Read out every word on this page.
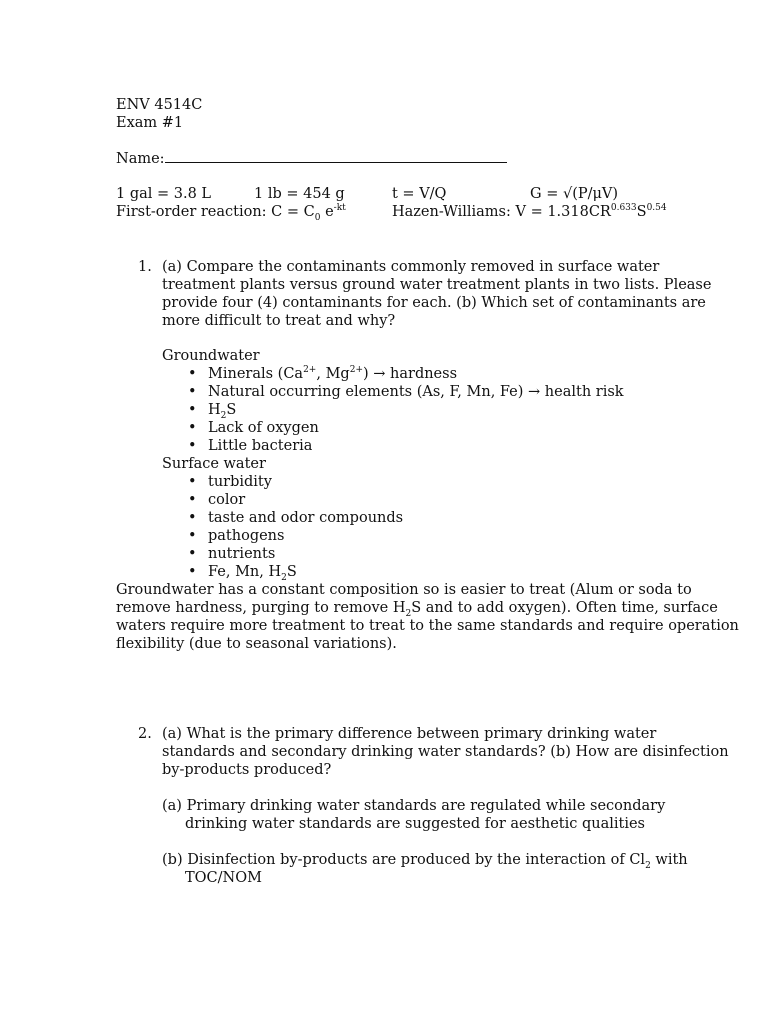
ENV 4514C
Exam #1
Name:
1 gal = 3.8 L	1 lb = 454 g	t = V/Q	G = √(P/μV)
First-order reaction: $C = C_0$ $e^{-kt}$	Hazen-Williams: $V = 1.318CR^{0.633}S^{0.54}$
1. (a) Compare the contaminants commonly removed in surface water
treatment plants versus ground water treatment plants in two lists. Please
provide four (4) contaminants for each. (b) Which set of contaminants are
more difficult to treat and why?
Groundwater
• Minerals ($Ca^{2+}$, $Mg^{2+}$) → hardness
• Natural occurring elements (As, F, Mn, Fe) → health risk
• $H_2S$
• Lack of oxygen
• Little bacteria
Surface water
• turbidity
• color
• taste and odor compounds
• pathogens
• nutrients
• Fe, Mn, $H_2S$
Groundwater has a constant composition so is easier to treat (Alum or soda to
remove hardness, purging to remove $H_2S$ and to add oxygen). Often time, surface
waters require more treatment to treat to the same standards and require operation
flexibility (due to seasonal variations).
2. (a) What is the primary difference between primary drinking water
standards and secondary drinking water standards? (b) How are disinfection
by-products produced?
(a) Primary drinking water standards are regulated while secondary
drinking water standards are suggested for aesthetic qualities
(b) Disinfection by-products are produced by the interaction of $Cl_2$ with
TOC/NOM
